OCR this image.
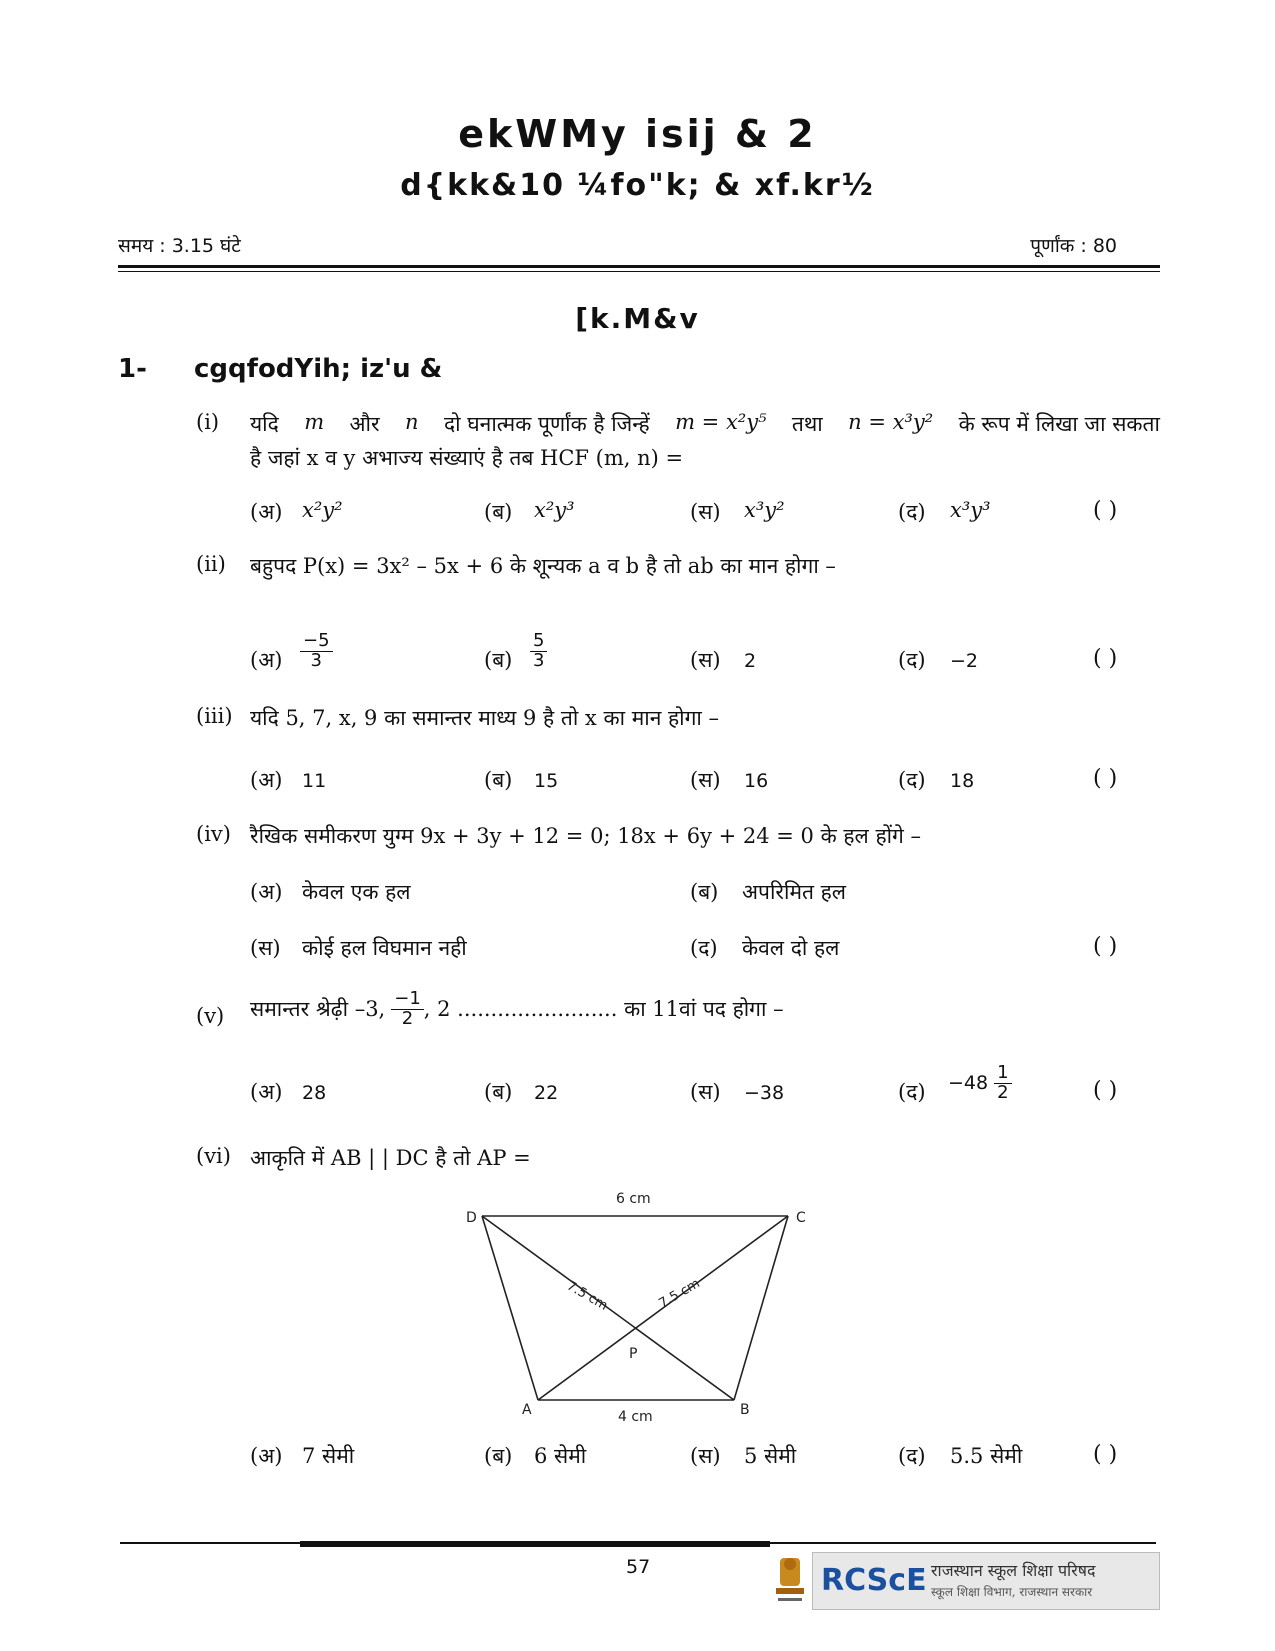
ekWMy isij & 2
d{kk&10 ¼fo"k; & xf.kr½
समय : 3.15 घंटे	पूर्णांक : 80
[k.M&v
1- cgqfodYih; iz'u &
(i) यदि m और n दो घनात्मक पूर्णांक है जिन्हें m = x²y⁵ तथा n = x³y² के रूप में लिखा जा सकता
है जहां x व y अभाज्य संख्याएं है तब HCF (m, n) =
(अ) x²y²	(ब) x²y³	(स) x³y²	(द) x³y³	( )
(ii) बहुपद P(x) = 3x² – 5x + 6 के शून्यक a व b है तो ab का मान होगा –
(अ) $\frac{-5}{3}$	(ब) $\frac{5}{3}$	(स) 2	(द) −2	( )
(iii) यदि 5, 7, x, 9 का समान्तर माध्य 9 है तो x का मान होगा –
(अ) 11	(ब) 15	(स) 16	(द) 18	( )
(iv) रैखिक समीकरण युग्म 9x + 3y + 12 = 0; 18x + 6y + 24 = 0 के हल होंगे –
(अ) केवल एक हल	(ब) अपरिमित हल
(स) कोई हल विघमान नही	(द) केवल दो हल	( )
(v) समान्तर श्रेढ़ी –3, $\frac{-1}{2}$ , 2 ........................ का 11वां पद होगा –
(अ) 28	(ब) 22	(स) −38	(द) $-48 \frac{1}{2}$	( )
(vi) आकृति में AB | | DC है तो AP =
6 cm
4 cm
D	C
A	B
P
7.5 cm	7.5 cm
(अ) 7 सेमी	(ब) 6 सेमी	(स) 5 सेमी	(द) 5.5 सेमी	( )
57	RCScE राजस्थान स्कूल शिक्षा परिषद
स्कूल शिक्षा विभाग, राजस्थान सरकार
